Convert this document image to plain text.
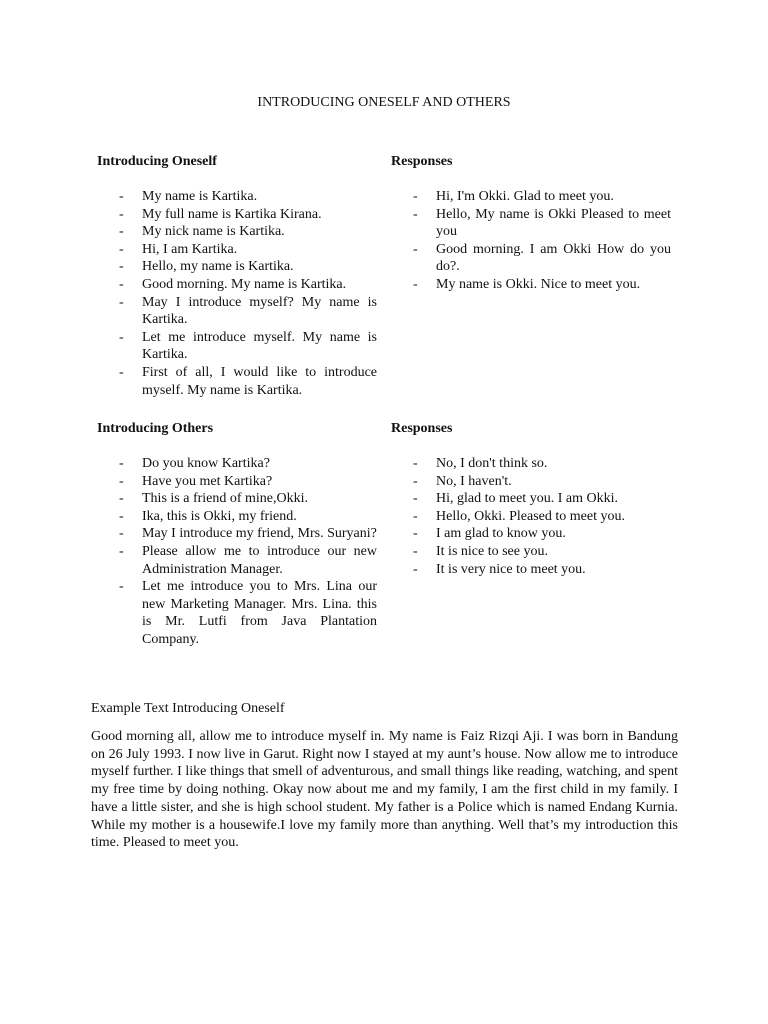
INTRODUCING ONESELF AND OTHERS
Introducing Oneself
- My name is Kartika.
- My full name is Kartika Kirana.
- My nick name is Kartika.
- Hi, I am Kartika.
- Hello, my name is Kartika.
- Good morning. My name is Kartika.
- May I introduce myself? My name is Kartika.
- Let me introduce myself. My name is Kartika.
- First of all, I would like to introduce myself. My name is Kartika.
Responses
- Hi, I'm Okki. Glad to meet you.
- Hello, My name is Okki Pleased to meet you
- Good morning. I am Okki How do you do?.
- My name is Okki. Nice to meet you.
Introducing Others
- Do you know Kartika?
- Have you met Kartika?
- This is a friend of mine,Okki.
- Ika, this is Okki, my friend.
- May I introduce my friend, Mrs. Suryani?
- Please allow me to introduce our new Administration Manager.
- Let me introduce you to Mrs. Lina our new Marketing Manager. Mrs. Lina. this is Mr. Lutfi from Java Plantation Company.
Responses
- No, I don't think so.
- No, I haven't.
- Hi, glad to meet you. I am Okki.
- Hello, Okki. Pleased to meet you.
- I am glad to know you.
- It is nice to see you.
- It is very nice to meet you.
Example Text Introducing Oneself
Good morning all, allow me to introduce myself in. My name is Faiz Rizqi Aji. I was born in Bandung on 26 July 1993. I now live in Garut. Right now I stayed at my aunt’s house. Now allow me to introduce myself further. I like things that smell of adventurous, and small things like reading, watching, and spent my free time by doing nothing. Okay now about me and my family, I am the first child in my family. I have a little sister, and she is high school student. My father is a Police which is named Endang Kurnia. While my mother is a housewife.I love my family more than anything. Well that’s my introduction this time. Pleased to meet you.
